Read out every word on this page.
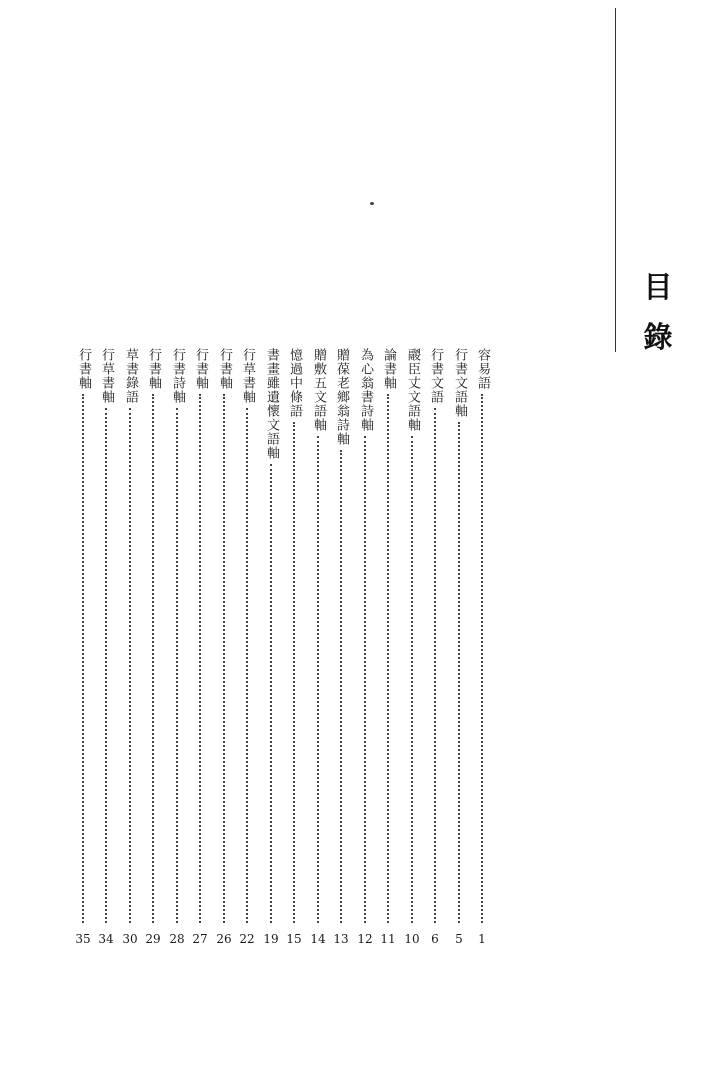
目
錄
容易語
1
行書文語軸
5
行書文語
6
鬷臣丈文語軸
10
論書軸
11
為心翁書詩軸
12
贈葆老鄉翁詩軸
13
贈敷五文語軸
14
憶過中條語
15
書畫雖遺懷文語軸
19
行草書軸
22
行書軸
26
行書軸
27
行書詩軸
28
行書軸
29
草書錄語
30
行草書軸
34
行書軸
35
